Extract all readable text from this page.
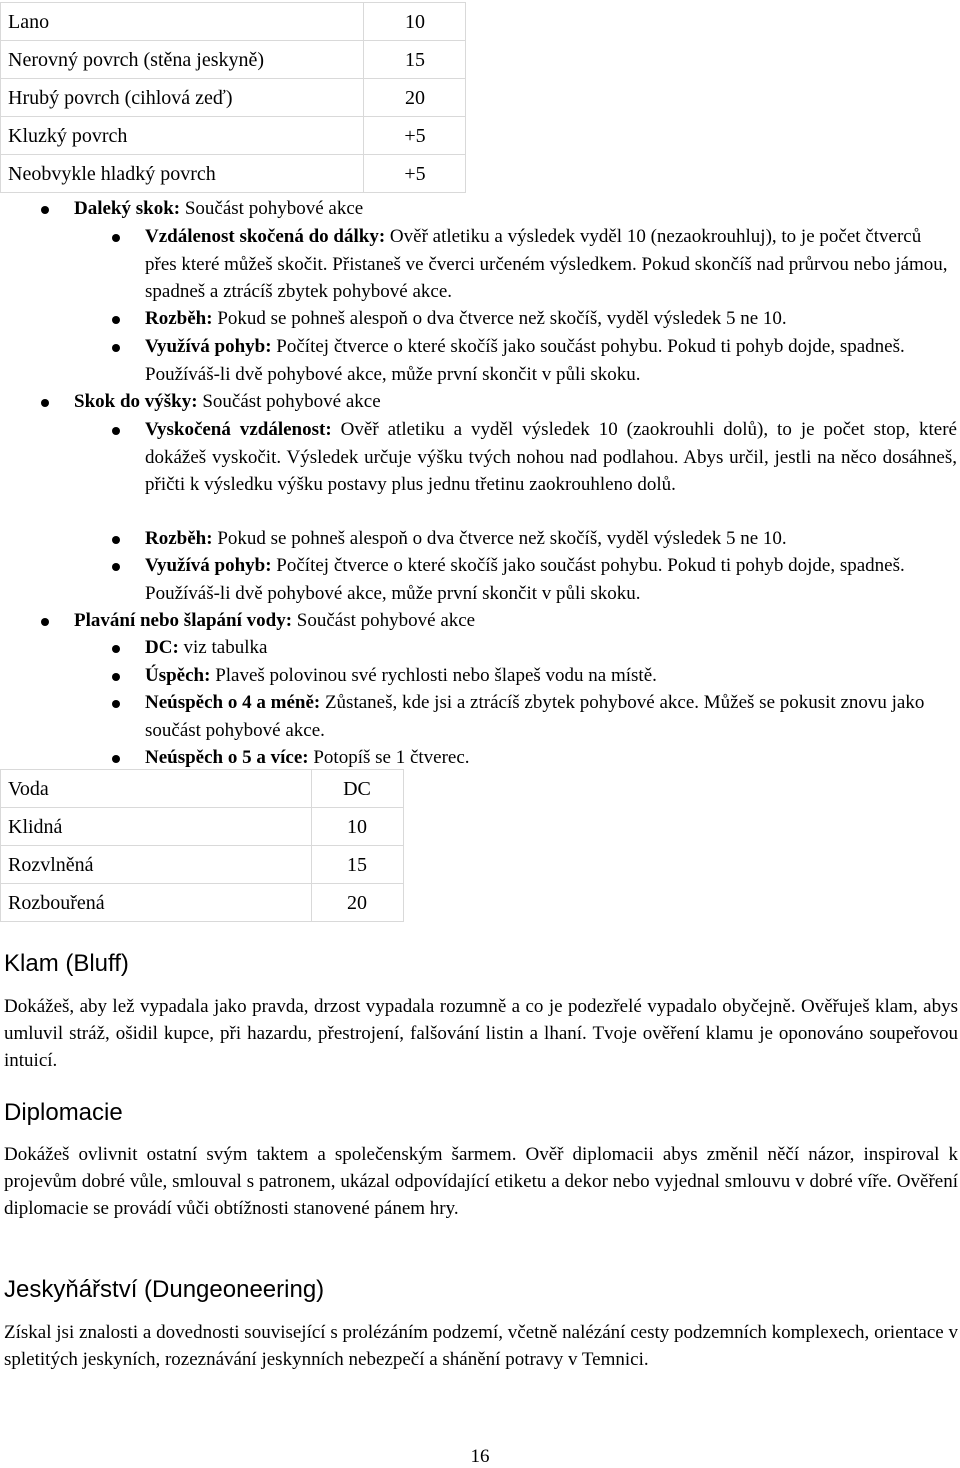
Lano	10
Nerovný povrch (stěna jeskyně)	15
Hrubý povrch (cihlová zeď)	20
Kluzký povrch	+5
Neobvykle hladký povrch	+5
Daleký skok: Součást pohybové akce
Vzdálenost skočená do dálky: Ověř atletiku a výsledek vyděl 10 (nezaokrouhluj), to je počet čtverců přes které můžeš skočit. Přistaneš ve čverci určeném výsledkem. Pokud skončíš nad průrvou nebo jámou, spadneš a ztrácíš zbytek pohybové akce.
Rozběh: Pokud se pohneš alespoň o dva čtverce než skočíš, vyděl výsledek 5 ne 10.
Využívá pohyb: Počítej čtverce o které skočíš jako součást pohybu. Pokud ti pohyb dojde, spadneš. Používáš-li dvě pohybové akce, může první skončit v půli skoku.
Skok do výšky: Součást pohybové akce
Vyskočená vzdálenost: Ověř atletiku a vyděl výsledek 10 (zaokrouhli dolů), to je počet stop, které dokážeš vyskočit. Výsledek určuje výšku tvých nohou nad podlahou. Abys určil, jestli na něco dosáhneš, přičti k výsledku výšku postavy plus jednu třetinu zaokrouhleno dolů.
Rozběh: Pokud se pohneš alespoň o dva čtverce než skočíš, vyděl výsledek 5 ne 10.
Využívá pohyb: Počítej čtverce o které skočíš jako součást pohybu. Pokud ti pohyb dojde, spadneš. Používáš-li dvě pohybové akce, může první skončit v půli skoku.
Plavání nebo šlapání vody: Součást pohybové akce
DC: viz tabulka
Úspěch: Plaveš polovinou své rychlosti nebo šlapeš vodu na místě.
Neúspěch o 4 a méně: Zůstaneš, kde jsi a ztrácíš zbytek pohybové akce. Můžeš se pokusit znovu jako součást pohybové akce.
Neúspěch o 5 a více: Potopíš se 1 čtverec.
Voda	DC
Klidná	10
Rozvlněná	15
Rozbouřená	20
Klam (Bluff)

Dokážeš, aby lež vypadala jako pravda, drzost vypadala rozumně a co je podezřelé vypadalo obyčejně. Ověřuješ klam, abys umluvil stráž, ošidil kupce, při hazardu, přestrojení, falšování listin a lhaní. Tvoje ověření klamu je oponováno soupeřovou intuicí.

Diplomacie

Dokážeš ovlivnit ostatní svým taktem a společenským šarmem. Ověř diplomacii abys změnil něčí názor, inspiroval k projevům dobré vůle, smlouval s patronem, ukázal odpovídající etiketu a dekor nebo vyjednal smlouvu v dobré víře. Ověření diplomacie se provádí vůči obtížnosti stanovené pánem hry.

Jeskyňářství (Dungeoneering)

Získal jsi znalosti a dovednosti související s prolézáním podzemí, včetně nalézání cesty podzemních komplexech, orientace v spletitých jeskyních, rozeznávání jeskynních nebezpečí a shánění potravy v Temnici.

16
